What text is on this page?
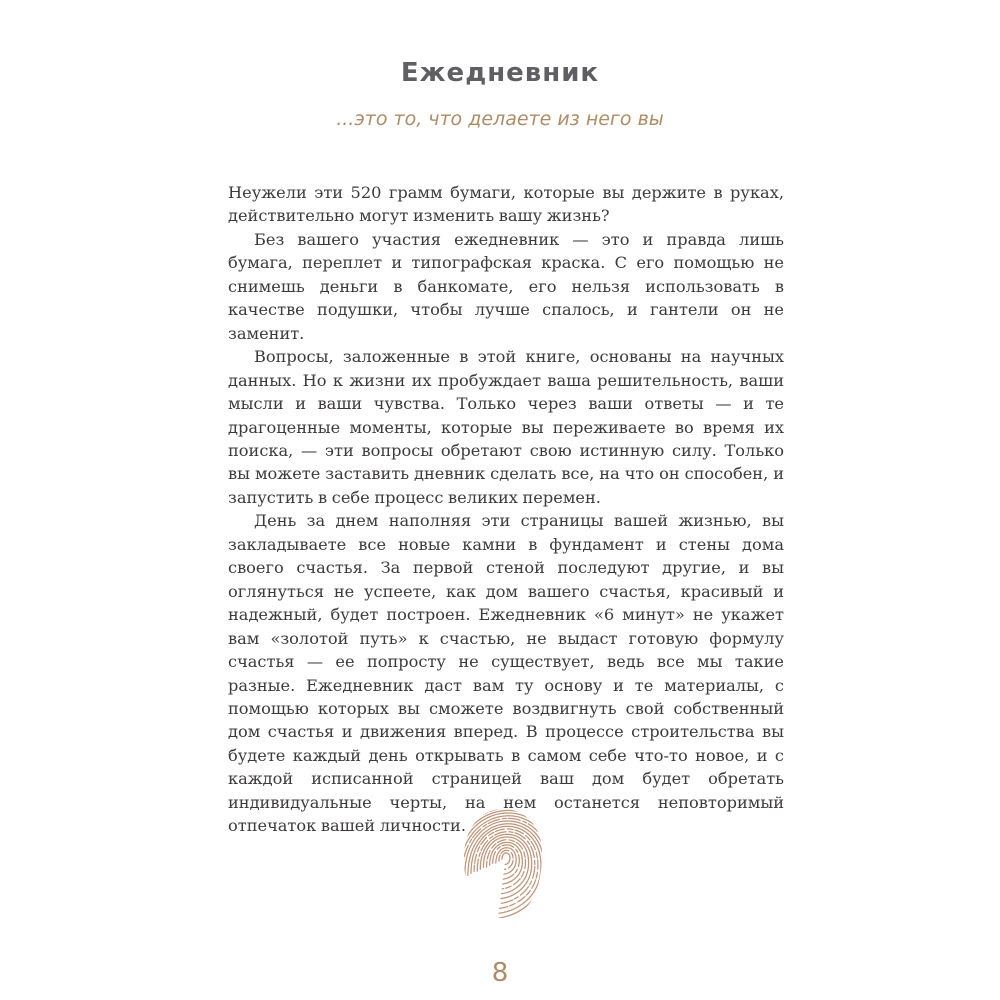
Ежедневник

...это то, что делаете из него вы

Неужели эти 520 грамм бумаги, которые вы держите в руках, действительно могут изменить вашу жизнь?

Без вашего участия ежедневник — это и правда лишь бумага, переплет и типографская краска. С его помощью не снимешь деньги в банкомате, его нельзя использовать в качестве подушки, чтобы лучше спалось, и гантели он не заменит.

Вопросы, заложенные в этой книге, основаны на научных данных. Но к жизни их пробуждает ваша решительность, ваши мысли и ваши чувства. Только через ваши ответы — и те драгоценные моменты, которые вы переживаете во время их поиска, — эти вопросы обретают свою истинную силу. Только вы можете заставить дневник сделать все, на что он способен, и запустить в себе процесс великих перемен.

День за днем наполняя эти страницы вашей жизнью, вы закладываете все новые камни в фундамент и стены дома своего счастья. За первой стеной последуют другие, и вы оглянуться не успеете, как дом вашего счастья, красивый и надежный, будет построен. Ежедневник «6 минут» не укажет вам «золотой путь» к счастью, не выдаст готовую формулу счастья — ее попросту не существует, ведь все мы такие разные. Ежедневник даст вам ту основу и те материалы, с помощью которых вы сможете воздвигнуть свой собственный дом счастья и движения вперед. В процессе строительства вы будете каждый день открывать в самом себе что-то новое, и с каждой исписанной страницей ваш дом будет обретать индивидуальные черты, на нем останется неповторимый отпечаток вашей личности.

8
